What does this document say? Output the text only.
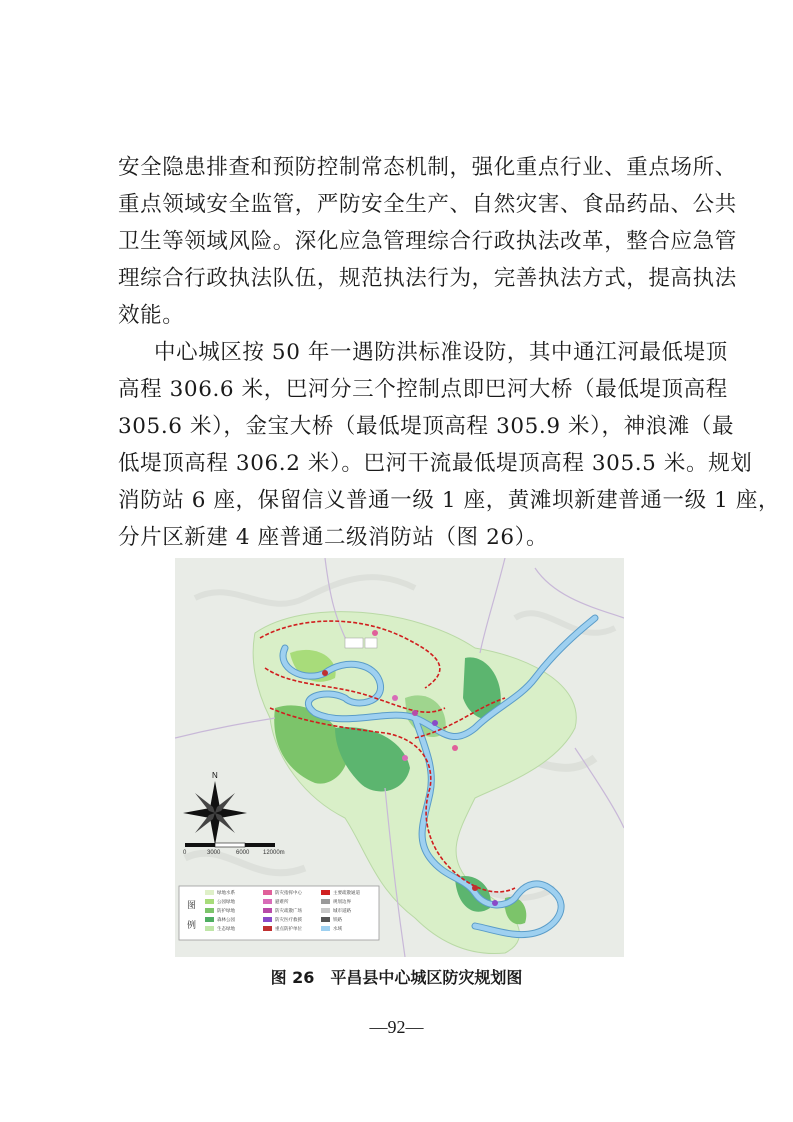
安全隐患排查和预防控制常态机制，强化重点行业、重点场所、
重点领域安全监管，严防安全生产、自然灾害、食品药品、公共
卫生等领域风险。深化应急管理综合行政执法改革，整合应急管
理综合行政执法队伍，规范执法行为，完善执法方式，提高执法
效能。
中心城区按 50 年一遇防洪标准设防，其中通江河最低堤顶
高程 306.6 米，巴河分三个控制点即巴河大桥（最低堤顶高程
305.6 米），金宝大桥（最低堤顶高程 305.9 米），神浪滩（最
低堤顶高程 306.2 米）。巴河干流最低堤顶高程 305.5 米。规划
消防站 6 座，保留信义普通一级 1 座，黄滩坝新建普通一级 1 座，
分片区新建 4 座普通二级消防站（图 26）。
N
0	3000	6000 12000m
图
例
绿地水系
公园绿地
防护绿地
森林公园
生态绿地
防灾指挥中心
避难所
防灾疏散广场
防灾医疗救援
重点防护单位
主要疏散通道
规划边界
城市道路
铁路
水域
图 26　平昌县中心城区防灾规划图
—92—
